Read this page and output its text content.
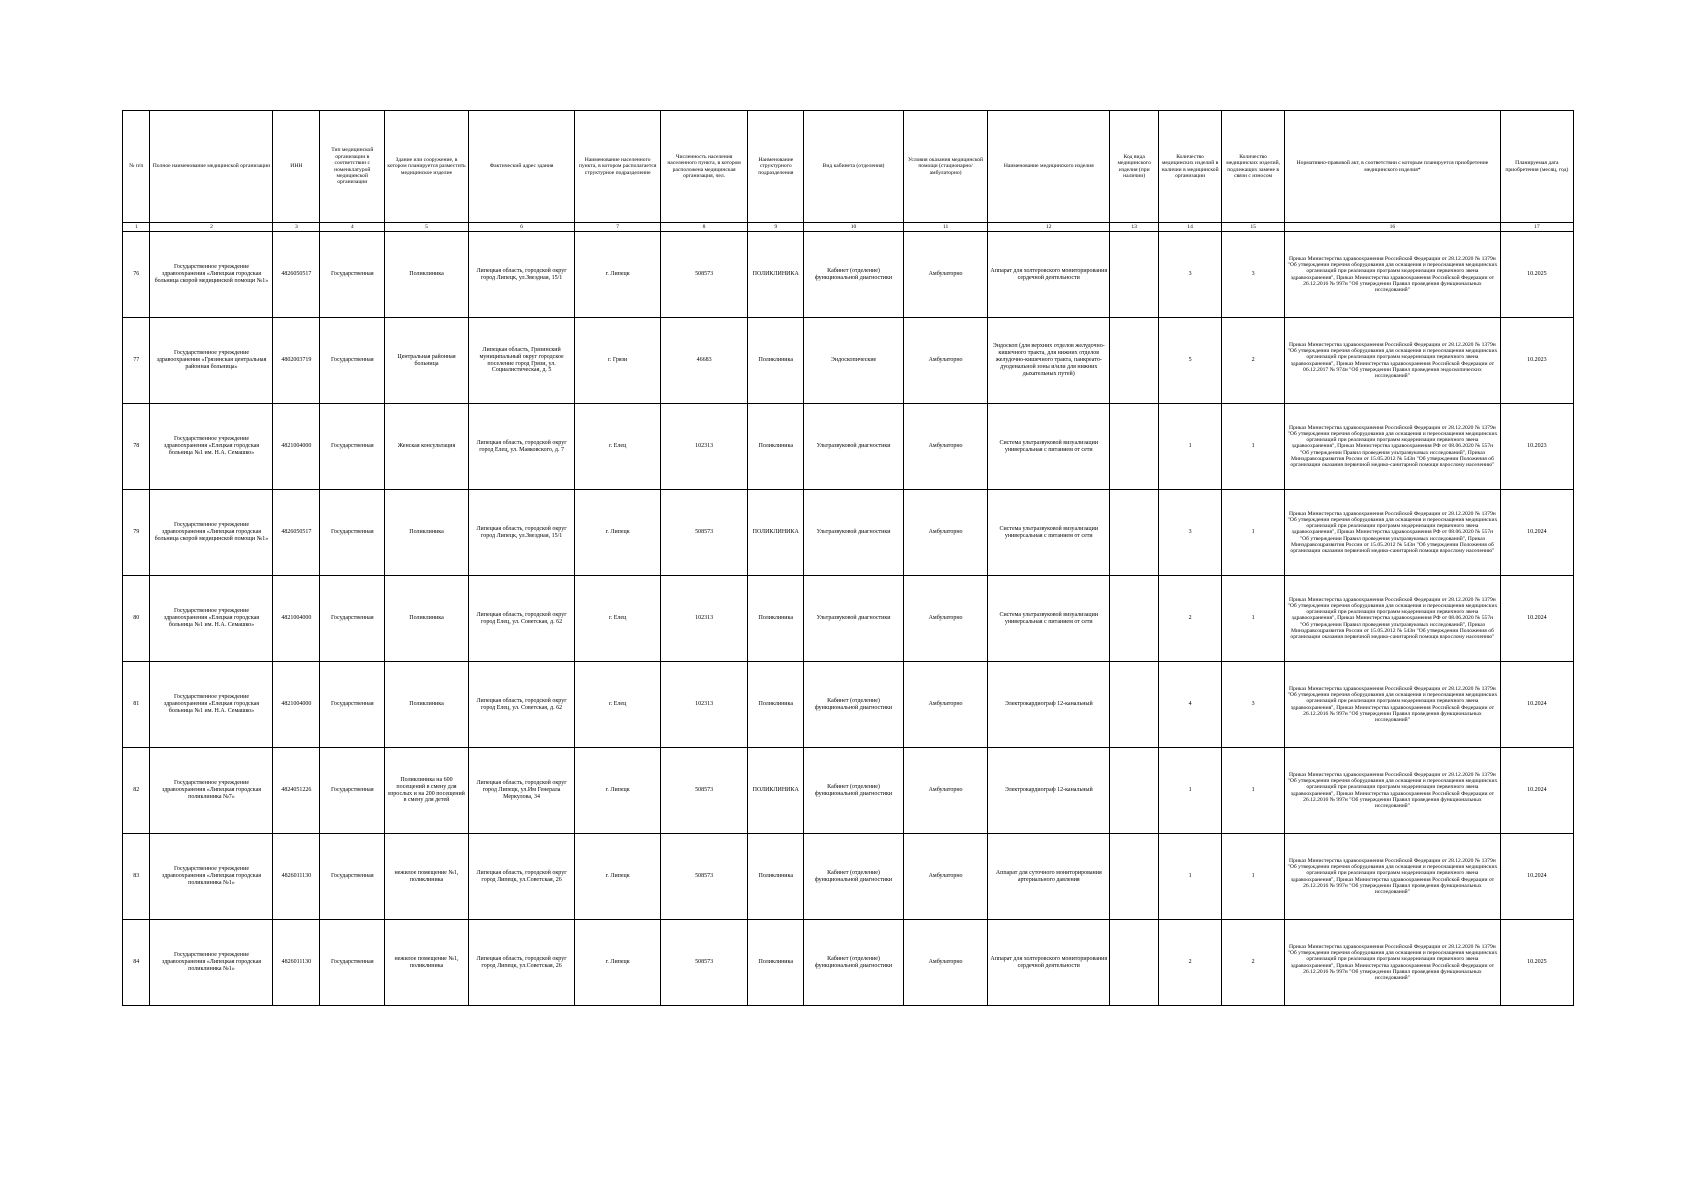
№ п/п	Полное наименование медицинской организации	ИНН	Тип медицинской организации в соответствии с номенклатурой медицинской организации	Здание или сооружение, в котором планируется разместить медицинское изделие	Фактический адрес здания	Наименование населенного пункта, в котором располагается структурное подразделение	Численность населения населенного пункта, в котором расположена медицинская организация, чел.	Наименование структурного подразделения	Вид кабинета (отделения)	Условия оказания медицинской помощи (стационарно/амбулаторно)	Наименование медицинского изделия	Код вида медицинского изделия (при наличии)	Количество медицинских изделий в наличии в медицинской организации	Количество медицинских изделий, подлежащих замене в связи с износом	Нормативно-правовой акт, в соответствии с которым планируется приобретение медицинского изделия*	Планируемая дата приобретения (месяц, год)
1	2	3	4	5	6	7	8	9	10	11	12	13	14	15	16	17
76	Государственное учреждение здравоохранения «Липецкая городская больница скорой медицинской помощи №1»	4826050517	Государственная	Поликлиника	Липецкая область, городской округ город Липецк, ул.Звездная, 15/1	г. Липецк	508573	ПОЛИКЛИНИКА	Кабинет (отделение) функциональной диагностики	Амбулаторно	Аппарат для холтеровского мониторирования сердечной деятельности		3	3	Приказ Министерства здравоохранения Российской Федерации от 28.12.2020 № 1379н "Об утверждении перечня оборудования для оснащения и переоснащения медицинских организаций при реализации программ модернизации первичного звена здравоохранения", Приказ Министерства здравоохранения Российской Федерации от 26.12.2016 № 997н "Об утверждении Правил проведения функциональных исследований"	10.2025
77	Государственное учреждение здравоохранения «Грязинская центральная районная больница»	4802003719	Государственная	Центральная районная больница	Липецкая область, Грязинский муниципальный округ городское поселение город Грязи, ул. Социалистическая, д. 5	г. Грязи	46683	Поликлиника	Эндоскопические	Амбулаторно	Эндоскоп (для верхних отделов желудочно-кишечного тракта, для нижних отделов желудочно-кишечного тракта, панкреато-дуоденальной зоны и/или для нижних дыхательных путей)		5	2	Приказ Министерства здравоохранения Российской Федерации от 28.12.2020 № 1379н "Об утверждении перечня оборудования для оснащения и переоснащения медицинских организаций при реализации программ модернизации первичного звена здравоохранения", Приказ Министерства здравоохранения Российской Федерации от 06.12.2017 № 974н "Об утверждении Правил проведения эндоскопических исследований"	10.2023
78	Государственное учреждение здравоохранения «Елецкая городская больница №1 им. Н.А. Семашко»	4821004000	Государственная	Женская консультация	Липецкая область, городской округ город Елец, ул. Маяковского, д. 7	г. Елец	102313	Поликлиника	Ультразвуковой диагностики	Амбулаторно	Система ультразвуковой визуализации универсальная с питанием от сети		1	1	Приказ Министерства здравоохранения Российской Федерации от 28.12.2020 № 1379н "Об утверждении перечня оборудования для оснащения и переоснащения медицинских организаций при реализации программ модернизации первичного звена здравоохранения", Приказ Министерства здравоохранения РФ от 08.06.2020 № 557н "Об утверждении Правил проведения ультразвуковых исследований", Приказ Минздравсоцразвития России от 15.05.2012 № 543н "Об утверждении Положения об организации оказания первичной медико-санитарной помощи взрослому населению"	10.2023
79	Государственное учреждение здравоохранения «Липецкая городская больница скорой медицинской помощи №1»	4826050517	Государственная	Поликлиника	Липецкая область, городской округ город Липецк, ул.Звездная, 15/1	г. Липецк	508573	ПОЛИКЛИНИКА	Ультразвуковой диагностики	Амбулаторно	Система ультразвуковой визуализации универсальная с питанием от сети		3	1	Приказ Министерства здравоохранения Российской Федерации от 28.12.2020 № 1379н "Об утверждении перечня оборудования для оснащения и переоснащения медицинских организаций при реализации программ модернизации первичного звена здравоохранения", Приказ Министерства здравоохранения РФ от 08.06.2020 № 557н "Об утверждении Правил проведения ультразвуковых исследований", Приказ Минздравсоцразвития России от 15.05.2012 № 543н "Об утверждении Положения об организации оказания первичной медико-санитарной помощи взрослому населению"	10.2024
80	Государственное учреждение здравоохранения «Елецкая городская больница №1 им. Н.А. Семашко»	4821004000	Государственная	Поликлиника	Липецкая область, городской округ город Елец, ул. Советская, д. 62	г. Елец	102313	Поликлиника	Ультразвуковой диагностики	Амбулаторно	Система ультразвуковой визуализации универсальная с питанием от сети		2	1	Приказ Министерства здравоохранения Российской Федерации от 28.12.2020 № 1379н "Об утверждении перечня оборудования для оснащения и переоснащения медицинских организаций при реализации программ модернизации первичного звена здравоохранения", Приказ Министерства здравоохранения РФ от 08.06.2020 № 557н "Об утверждении Правил проведения ультразвуковых исследований", Приказ Минздравсоцразвития России от 15.05.2012 № 543н "Об утверждении Положения об организации оказания первичной медико-санитарной помощи взрослому населению"	10.2024
81	Государственное учреждение здравоохранения «Елецкая городская больница №1 им. Н.А. Семашко»	4821004000	Государственная	Поликлиника	Липецкая область, городской округ город Елец, ул. Советская, д. 62	г. Елец	102313	Поликлиника	Кабинет (отделение) функциональной диагностики	Амбулаторно	Электрокардиограф 12-канальный		4	3	Приказ Министерства здравоохранения Российской Федерации от 28.12.2020 № 1379н "Об утверждении перечня оборудования для оснащения и переоснащения медицинских организаций при реализации программ модернизации первичного звена здравоохранения", Приказ Министерства здравоохранения Российской Федерации от 26.12.2016 № 997н "Об утверждении Правил проведения функциональных исследований"	10.2024
82	Государственное учреждение здравоохранения «Липецкая городская поликлиника №7»	4824051226	Государственная	Поликлиника на 600 посещений в смену для взрослых и на 200 посещений в смену для детей	Липецкая область, городской округ город Липецк, ул.Им Генерала Меркулова, 34	г. Липецк	508573	ПОЛИКЛИНИКА	Кабинет (отделение) функциональной диагностики	Амбулаторно	Электрокардиограф 12-канальный		1	1	Приказ Министерства здравоохранения Российской Федерации от 28.12.2020 № 1379н "Об утверждении перечня оборудования для оснащения и переоснащения медицинских организаций при реализации программ модернизации первичного звена здравоохранения", Приказ Министерства здравоохранения Российской Федерации от 26.12.2016 № 997н "Об утверждении Правил проведения функциональных исследований"	10.2024
83	Государственное учреждение здравоохранения «Липецкая городская поликлиника №1»	4826011130	Государственная	нежилое помещение №1, поликлиника	Липецкая область, городской округ город Липецк, ул.Советская, 26	г. Липецк	508573	Поликлиника	Кабинет (отделение) функциональной диагностики	Амбулаторно	Аппарат для суточного мониторирования артериального давления		1	1	Приказ Министерства здравоохранения Российской Федерации от 28.12.2020 № 1379н "Об утверждении перечня оборудования для оснащения и переоснащения медицинских организаций при реализации программ модернизации первичного звена здравоохранения", Приказ Министерства здравоохранения Российской Федерации от 26.12.2016 № 997н "Об утверждении Правил проведения функциональных исследований"	10.2024
84	Государственное учреждение здравоохранения «Липецкая городская поликлиника №1»	4826011130	Государственная	нежилое помещение №1, поликлиника	Липецкая область, городской округ город Липецк, ул.Советская, 26	г. Липецк	508573	Поликлиника	Кабинет (отделение) функциональной диагностики	Амбулаторно	Аппарат для холтеровского мониторирования сердечной деятельности		2	2	Приказ Министерства здравоохранения Российской Федерации от 28.12.2020 № 1379н "Об утверждении перечня оборудования для оснащения и переоснащения медицинских организаций при реализации программ модернизации первичного звена здравоохранения", Приказ Министерства здравоохранения Российской Федерации от 26.12.2016 № 997н "Об утверждении Правил проведения функциональных исследований"	10.2025
